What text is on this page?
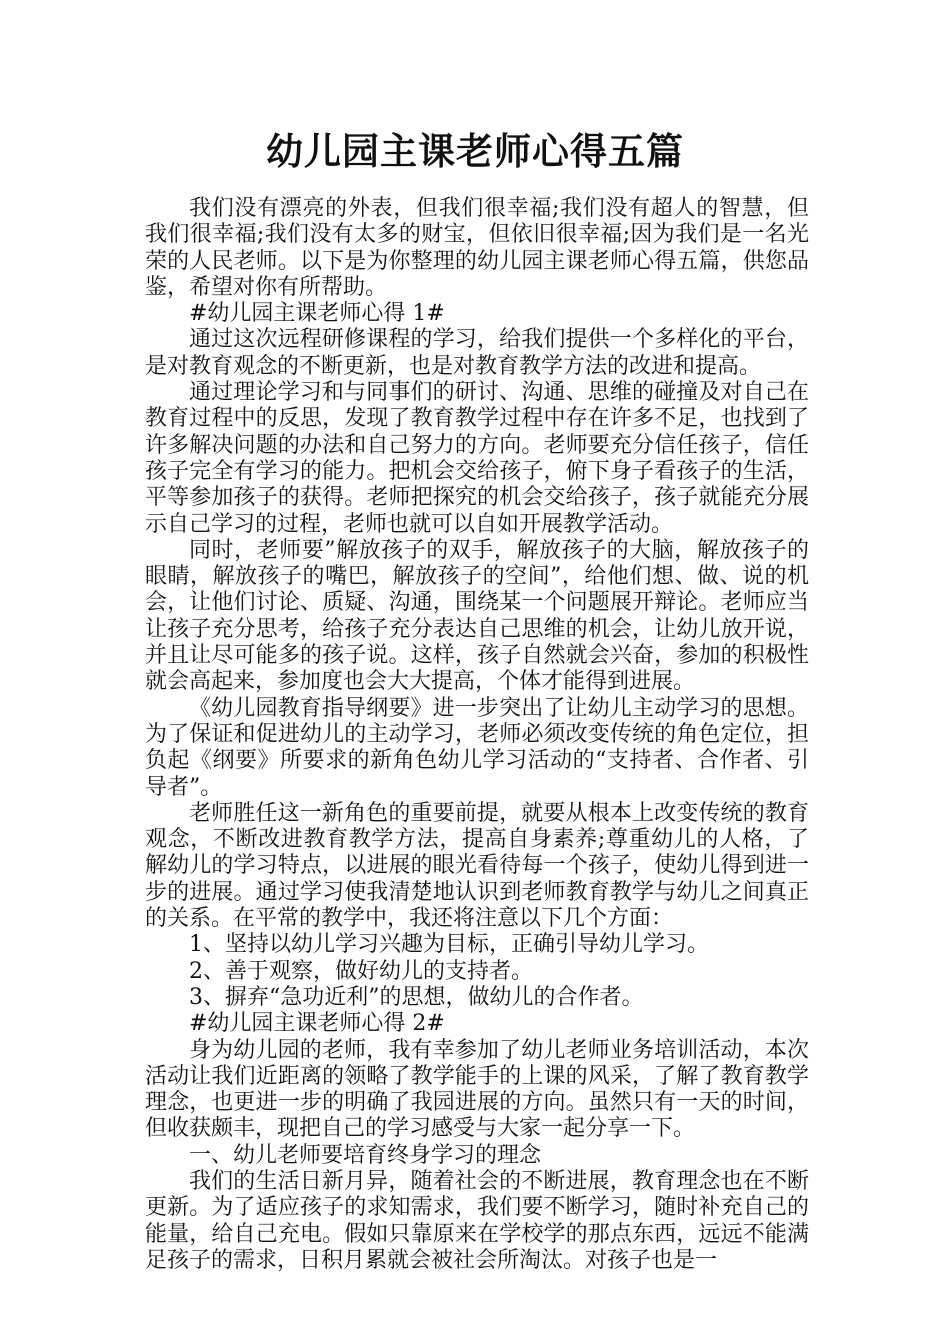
幼儿园主课老师心得五篇

我们没有漂亮的外表，但我们很幸福;我们没有超人的智慧，但我们很幸福;我们没有太多的财宝，但依旧很幸福;因为我们是一名光荣的人民老师。以下是为你整理的幼儿园主课老师心得五篇，供您品鉴，希望对你有所帮助。

#幼儿园主课老师心得 1#

通过这次远程研修课程的学习，给我们提供一个多样化的平台，是对教育观念的不断更新，也是对教育教学方法的改进和提高。

通过理论学习和与同事们的研讨、沟通、思维的碰撞及对自己在教育过程中的反思，发现了教育教学过程中存在许多不足，也找到了许多解决问题的办法和自己努力的方向。老师要充分信任孩子，信任孩子完全有学习的能力。把机会交给孩子，俯下身子看孩子的生活，平等参加孩子的获得。老师把探究的机会交给孩子，孩子就能充分展示自己学习的过程，老师也就可以自如开展教学活动。

同时，老师要”解放孩子的双手，解放孩子的大脑，解放孩子的眼睛，解放孩子的嘴巴，解放孩子的空间”，给他们想、做、说的机会，让他们讨论、质疑、沟通，围绕某一个问题展开辩论。老师应当让孩子充分思考，给孩子充分表达自己思维的机会，让幼儿放开说，并且让尽可能多的孩子说。这样，孩子自然就会兴奋，参加的积极性就会高起来，参加度也会大大提高，个体才能得到进展。

《幼儿园教育指导纲要》进一步突出了让幼儿主动学习的思想。为了保证和促进幼儿的主动学习，老师必须改变传统的角色定位，担负起《纲要》所要求的新角色幼儿学习活动的“支持者、合作者、引导者”。

老师胜任这一新角色的重要前提，就要从根本上改变传统的教育观念，不断改进教育教学方法，提高自身素养;尊重幼儿的人格，了解幼儿的学习特点，以进展的眼光看待每一个孩子，使幼儿得到进一步的进展。通过学习使我清楚地认识到老师教育教学与幼儿之间真正的关系。在平常的教学中，我还将注意以下几个方面：

1、坚持以幼儿学习兴趣为目标，正确引导幼儿学习。

2、善于观察，做好幼儿的支持者。

3、摒弃“急功近利”的思想，做幼儿的合作者。

#幼儿园主课老师心得 2#

身为幼儿园的老师，我有幸参加了幼儿老师业务培训活动，本次活动让我们近距离的领略了教学能手的上课的风采，了解了教育教学理念，也更进一步的明确了我园进展的方向。虽然只有一天的时间，但收获颇丰，现把自己的学习感受与大家一起分享一下。

一、幼儿老师要培育终身学习的理念

我们的生活日新月异，随着社会的不断进展，教育理念也在不断更新。为了适应孩子的求知需求，我们要不断学习，随时补充自己的能量，给自己充电。假如只靠原来在学校学的那点东西，远远不能满足孩子的需求，日积月累就会被社会所淘汰。对孩子也是一
